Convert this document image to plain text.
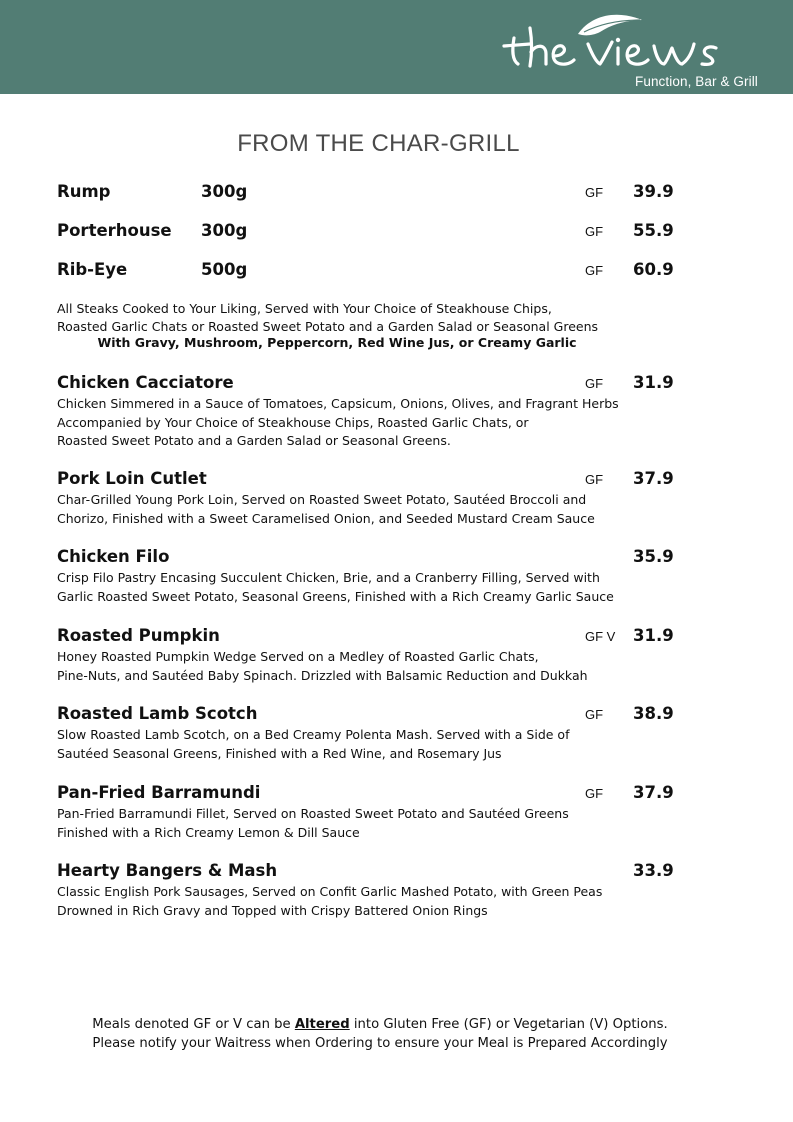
Function, Bar & Grill
FROM THE CHAR-GRILL
Rump	300g	GF 39.9
Porterhouse 300g	GF 55.9
Rib-Eye	500g	GF 60.9
All Steaks Cooked to Your Liking, Served with Your Choice of Steakhouse Chips,
Roasted Garlic Chats or Roasted Sweet Potato and a Garden Salad or Seasonal Greens
With Gravy, Mushroom, Peppercorn, Red Wine Jus, or Creamy Garlic
Chicken Cacciatore	GF 31.9
Chicken Simmered in a Sauce of Tomatoes, Capsicum, Onions, Olives, and Fragrant Herbs
Accompanied by Your Choice of Steakhouse Chips, Roasted Garlic Chats, or
Roasted Sweet Potato and a Garden Salad or Seasonal Greens.
Pork Loin Cutlet	GF 37.9
Char-Grilled Young Pork Loin, Served on Roasted Sweet Potato, Sautéed Broccoli and
Chorizo, Finished with a Sweet Caramelised Onion, and Seeded Mustard Cream Sauce
Chicken Filo	35.9
Crisp Filo Pastry Encasing Succulent Chicken, Brie, and a Cranberry Filling, Served with
Garlic Roasted Sweet Potato, Seasonal Greens, Finished with a Rich Creamy Garlic Sauce
Roasted Pumpkin	GF V 31.9
Honey Roasted Pumpkin Wedge Served on a Medley of Roasted Garlic Chats,
Pine-Nuts, and Sautéed Baby Spinach. Drizzled with Balsamic Reduction and Dukkah
Roasted Lamb Scotch	GF 38.9
Slow Roasted Lamb Scotch, on a Bed Creamy Polenta Mash. Served with a Side of
Sautéed Seasonal Greens, Finished with a Red Wine, and Rosemary Jus
Pan-Fried Barramundi	GF 37.9
Pan-Fried Barramundi Fillet, Served on Roasted Sweet Potato and Sautéed Greens
Finished with a Rich Creamy Lemon & Dill Sauce
Hearty Bangers & Mash	33.9
Classic English Pork Sausages, Served on Confit Garlic Mashed Potato, with Green Peas
Drowned in Rich Gravy and Topped with Crispy Battered Onion Rings
Meals denoted GF or V can be Altered into Gluten Free (GF) or Vegetarian (V) Options.
Please notify your Waitress when Ordering to ensure your Meal is Prepared Accordingly
